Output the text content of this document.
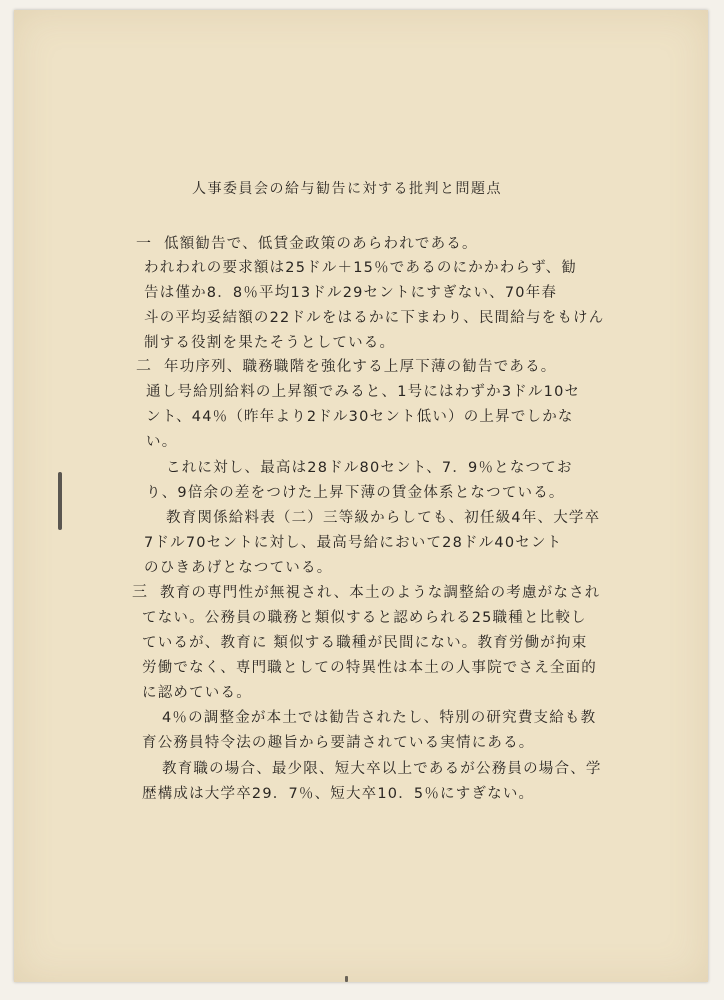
人事委員会の給与勧告に対する批判と問題点
一 低額勧告で、低賃金政策のあらわれである。
われわれの要求額は25ドル＋15％であるのにかかわらず、勧
告は僅か8．8％平均13ドル29セントにすぎない、70年春
斗の平均妥結額の22ドルをはるかに下まわり、民間給与をもけん
制する役割を果たそうとしている。
二 年功序列、職務職階を強化する上厚下薄の勧告である。
通し号給別給料の上昇額でみると、1号にはわずか3ドル10セ
ント、44％（昨年より2ドル30セント低い）の上昇でしかな
い。
これに対し、最高は28ドル80セント、7．9％となつてお
り、9倍余の差をつけた上昇下薄の賃金体系となつている。
教育関係給料表（二）三等級からしても、初任級4年、大学卒
7ドル70セントに対し、最高号給において28ドル40セント
のひきあげとなつている。
三 教育の専門性が無視され、本土のような調整給の考慮がなされ
てない。公務員の職務と類似すると認められる25職種と比較し
ているが、教育に 類似する職種が民間にない。教育労働が拘束
労働でなく、専門職としての特異性は本土の人事院でさえ全面的
に認めている。
4％の調整金が本土では勧告されたし、特別の研究費支給も教
育公務員特令法の趣旨から要請されている実情にある。
教育職の場合、最少限、短大卒以上であるが公務員の場合、学
歴構成は大学卒29．7％、短大卒10．5％にすぎない。
